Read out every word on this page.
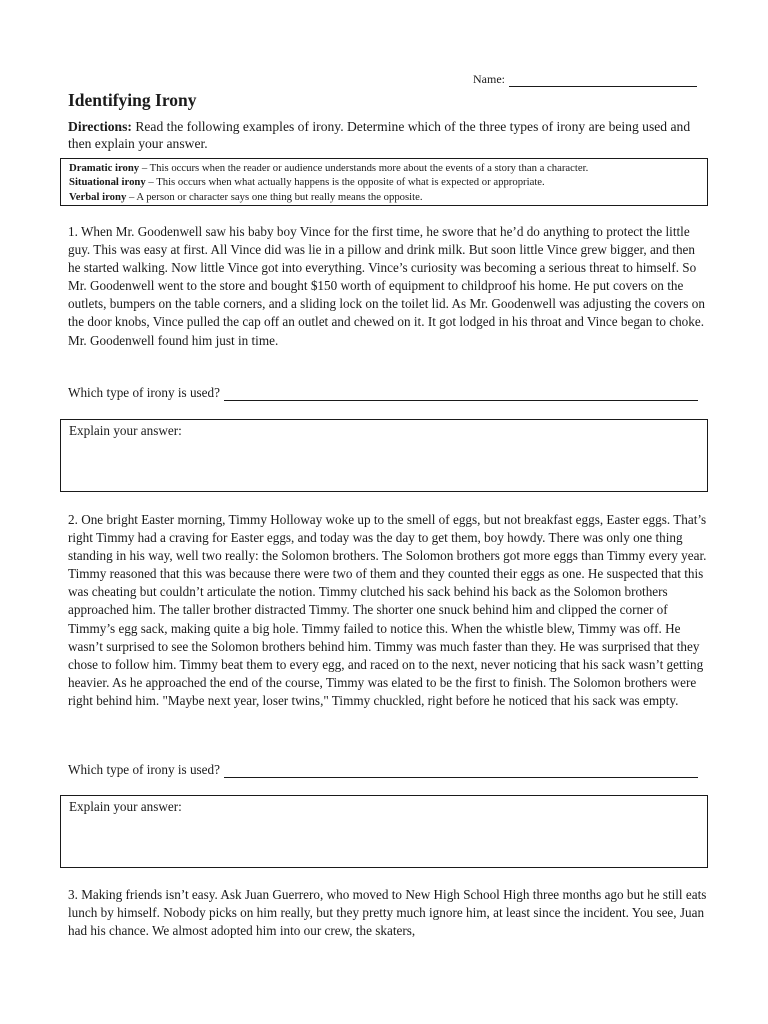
Name:
Identifying Irony
Directions: Read the following examples of irony. Determine which of the three types of irony are being used and then explain your answer.
Dramatic irony – This occurs when the reader or audience understands more about the events of a story than a character.
Situational irony – This occurs when what actually happens is the opposite of what is expected or appropriate.
Verbal irony – A person or character says one thing but really means the opposite.

1. When Mr. Goodenwell saw his baby boy Vince for the first time, he swore that he’d do anything to protect the little guy. This was easy at first. All Vince did was lie in a pillow and drink milk. But soon little Vince grew bigger, and then he started walking. Now little Vince got into everything. Vince’s curiosity was becoming a serious threat to himself. So Mr. Goodenwell went to the store and bought $150 worth of equipment to childproof his home. He put covers on the outlets, bumpers on the table corners, and a sliding lock on the toilet lid. As Mr. Goodenwell was adjusting the covers on the door knobs, Vince pulled the cap off an outlet and chewed on it. It got lodged in his throat and Vince began to choke. Mr. Goodenwell found him just in time.

Which type of irony is used?
Explain your answer:

2. One bright Easter morning, Timmy Holloway woke up to the smell of eggs, but not breakfast eggs, Easter eggs. That’s right Timmy had a craving for Easter eggs, and today was the day to get them, boy howdy. There was only one thing standing in his way, well two really: the Solomon brothers. The Solomon brothers got more eggs than Timmy every year. Timmy reasoned that this was because there were two of them and they counted their eggs as one. He suspected that this was cheating but couldn’t articulate the notion. Timmy clutched his sack behind his back as the Solomon brothers approached him. The taller brother distracted Timmy. The shorter one snuck behind him and clipped the corner of Timmy’s egg sack, making quite a big hole. Timmy failed to notice this. When the whistle blew, Timmy was off. He wasn’t surprised to see the Solomon brothers behind him. Timmy was much faster than they. He was surprised that they chose to follow him. Timmy beat them to every egg, and raced on to the next, never noticing that his sack wasn’t getting heavier. As he approached the end of the course, Timmy was elated to be the first to finish. The Solomon brothers were right behind him. "Maybe next year, loser twins," Timmy chuckled, right before he noticed that his sack was empty.

Which type of irony is used?
Explain your answer:

3. Making friends isn’t easy. Ask Juan Guerrero, who moved to New High School High three months ago but he still eats lunch by himself. Nobody picks on him really, but they pretty much ignore him, at least since the incident. You see, Juan had his chance. We almost adopted him into our crew, the skaters,
